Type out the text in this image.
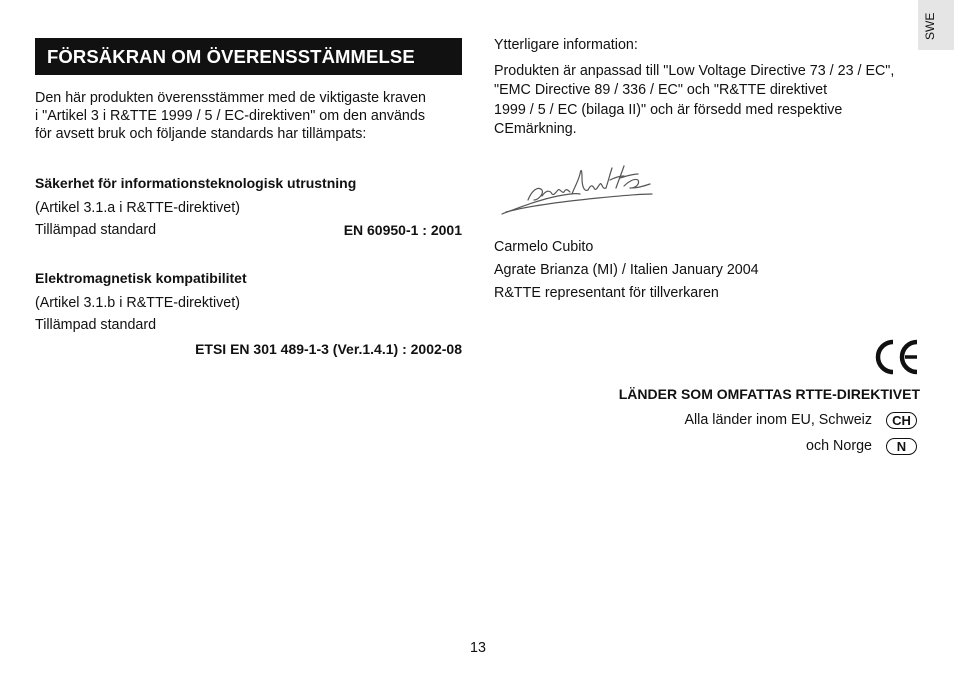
SWE
FÖRSÄKRAN OM ÖVERENSSTÄMMELSE
Den här produkten överensstämmer med de viktigaste kraven
i "Artikel 3 i R&TTE 1999 / 5 / EC-direktiven" om den används
för avsett bruk och följande standards har tillämpats:
Säkerhet för informationsteknologisk utrustning
(Artikel 3.1.a i R&TTE-direktivet)
Tillämpad standard	EN 60950-1 : 2001
Elektromagnetisk kompatibilitet
(Artikel 3.1.b i R&TTE-direktivet)
Tillämpad standard
ETSI EN 301 489-1-3 (Ver.1.4.1) : 2002-08
Ytterligare information:
Produkten är anpassad till "Low Voltage Directive 73 / 23 / EC",
"EMC Directive 89 / 336 / EC" och "R&TTE direktivet
1999 / 5 / EC (bilaga II)" och är försedd med respektive
CEmärkning.
Carmelo Cubito
Agrate Brianza (MI) / Italien January 2004
R&TTE representant för tillverkaren
LÄNDER SOM OMFATTAS RTTE-DIREKTIVET
Alla länder inom EU, Schweiz	CH
och Norge	N
13
